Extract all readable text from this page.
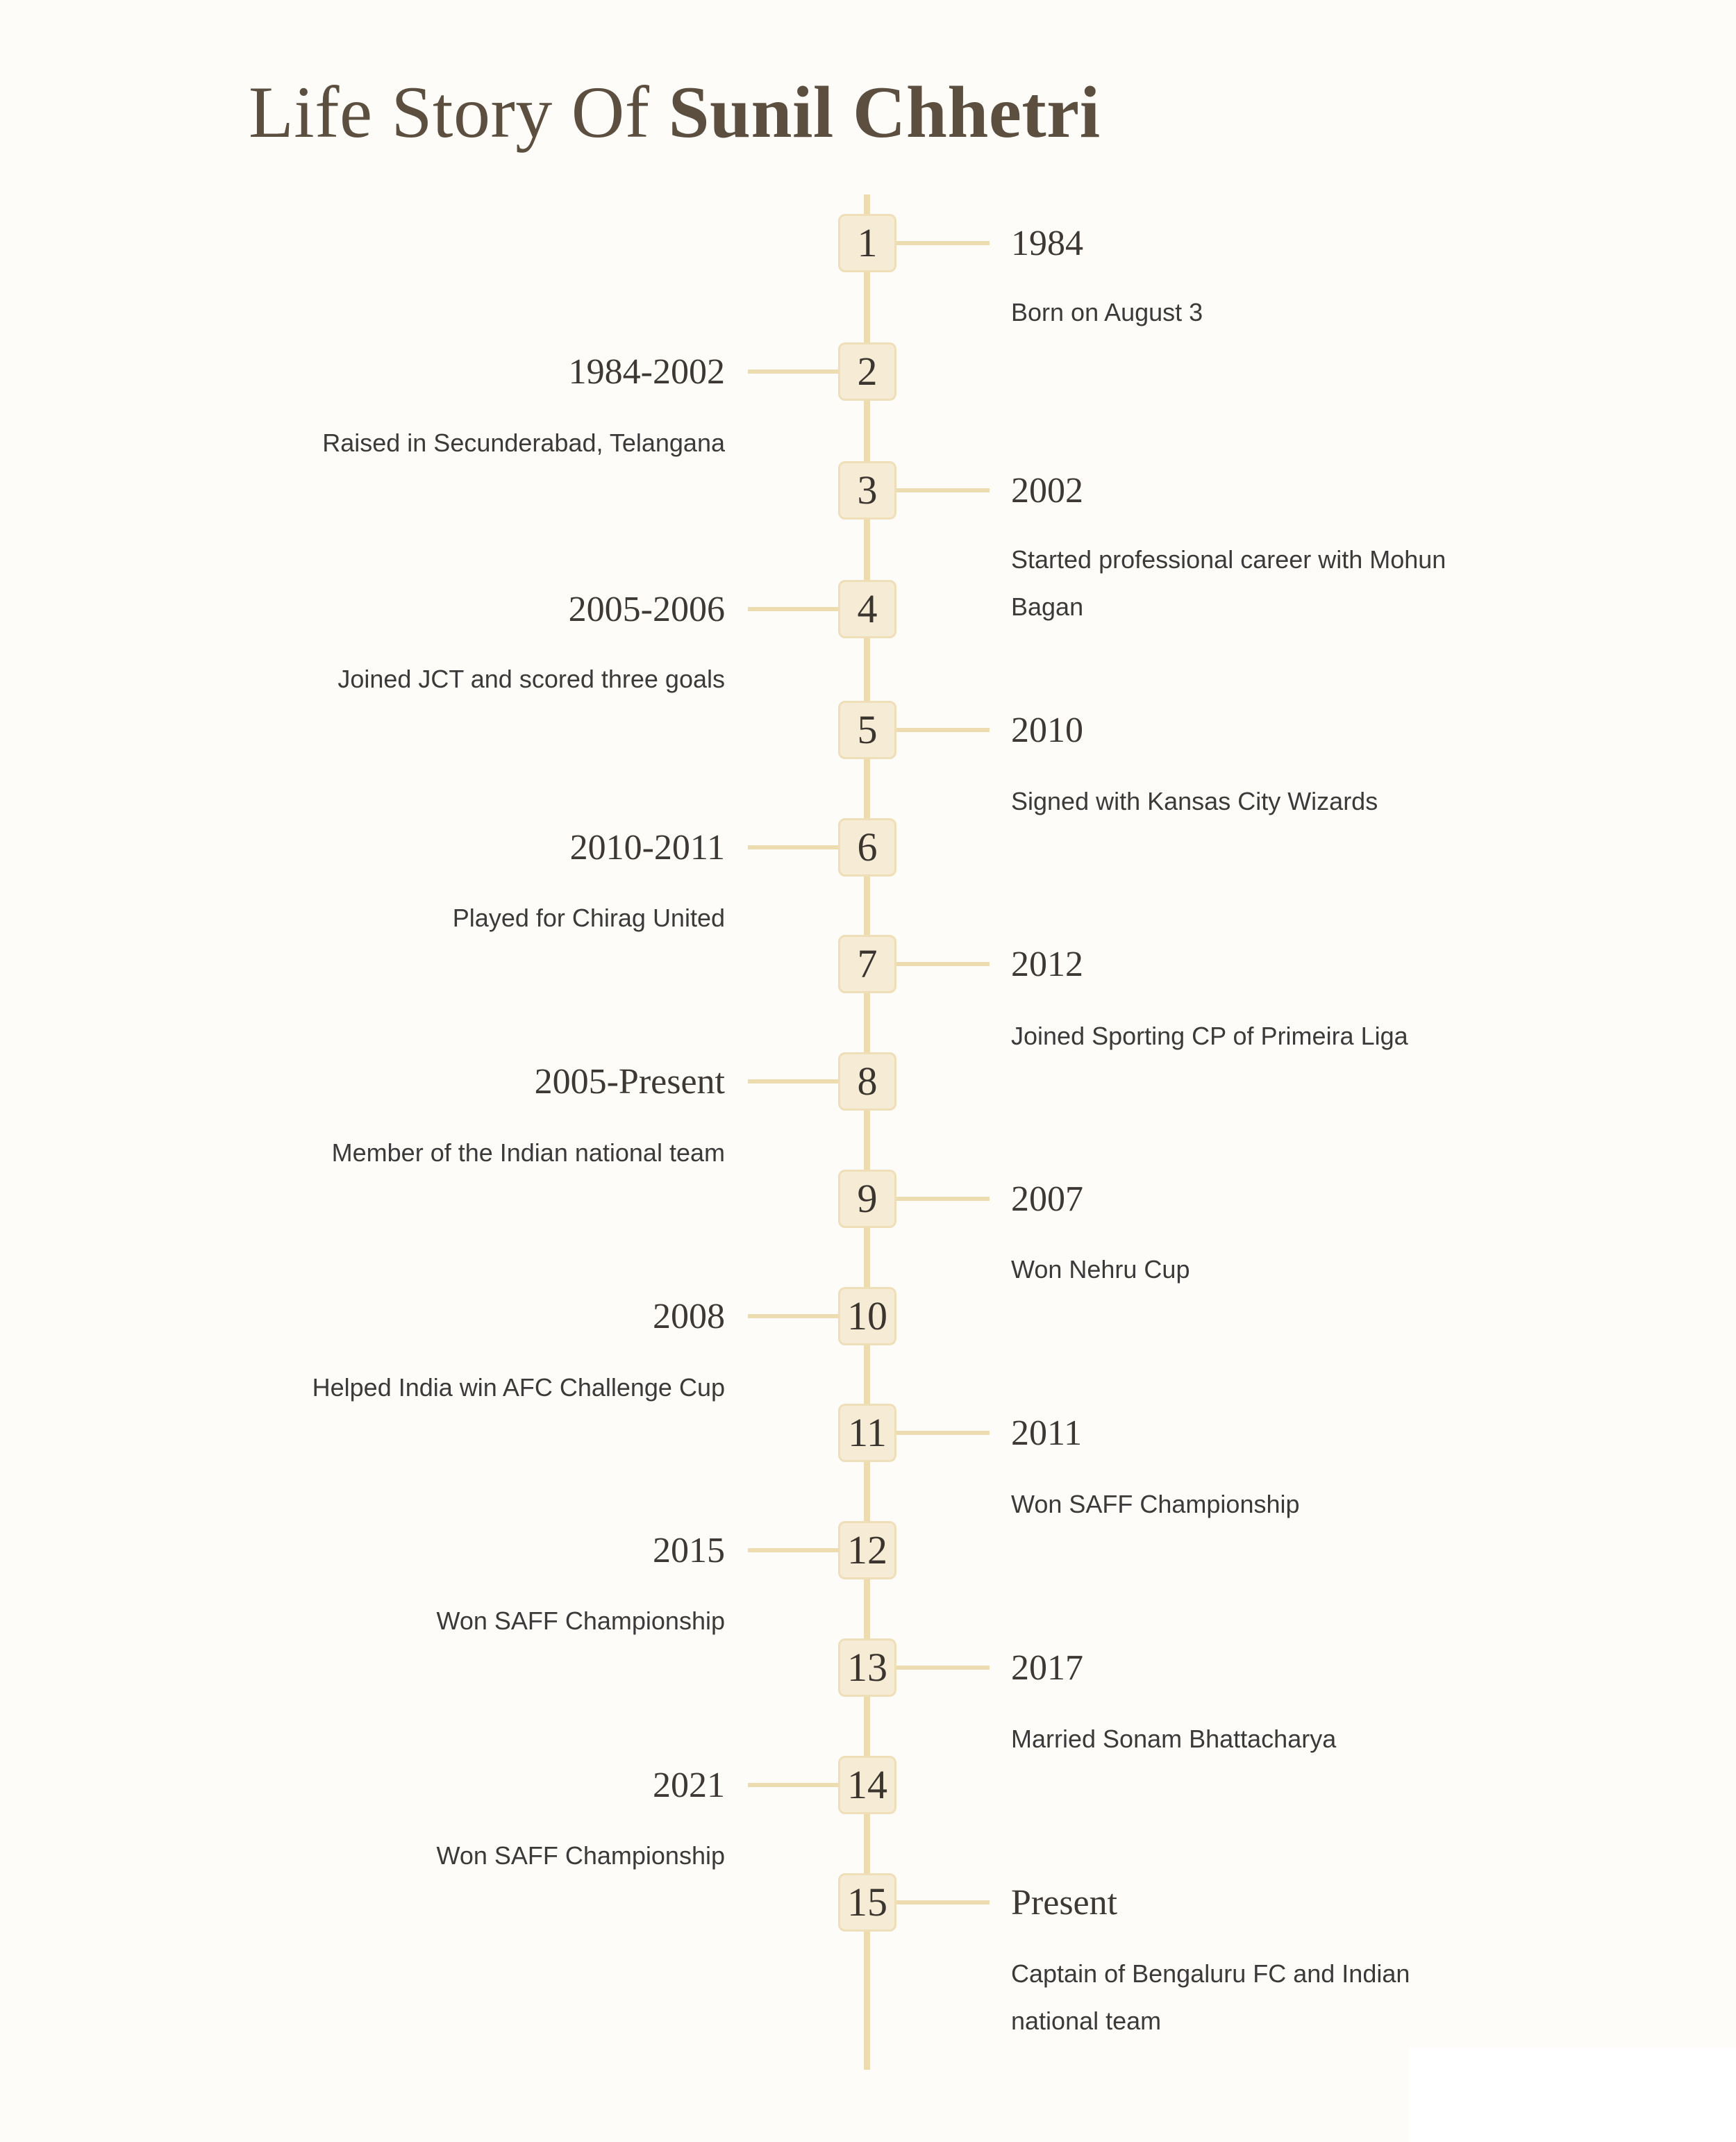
Life Story Of Sunil Chhetri
1	1984
Born on August 3
2
1984-2002
Raised in Secunderabad, Telangana
3	2002
Started professional career with Mohun Bagan
4
2005-2006
Joined JCT and scored three goals
5	2010
Signed with Kansas City Wizards
6
2010-2011
Played for Chirag United
7	2012
Joined Sporting CP of Primeira Liga
8
2005-Present
Member of the Indian national team
9	2007
Won Nehru Cup
10
2008
Helped India win AFC Challenge Cup
11	2011
Won SAFF Championship
12
2015
Won SAFF Championship
13	2017
Married Sonam Bhattacharya
14
2021
Won SAFF Championship
15	Present
Captain of Bengaluru FC and Indian national team
